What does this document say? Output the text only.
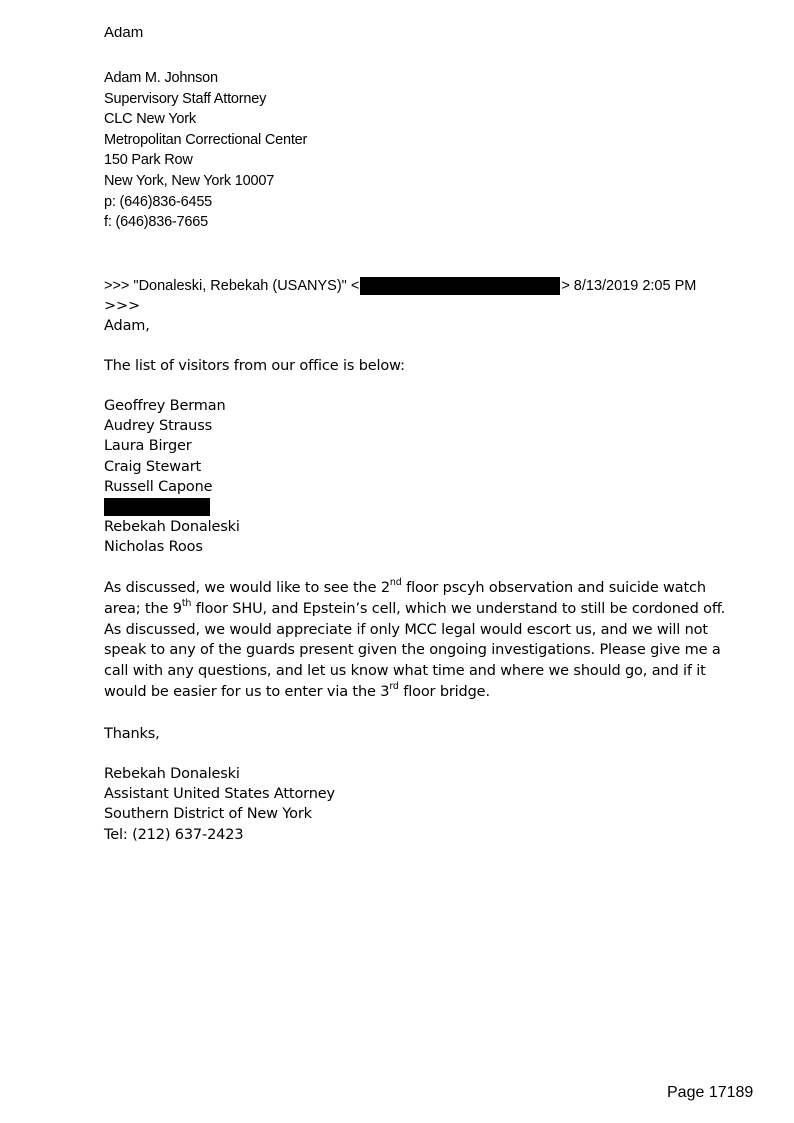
Adam
Adam M. Johnson
Supervisory Staff Attorney
CLC New York
Metropolitan Correctional Center
150 Park Row
New York, New York 10007
p: (646)836-6455
f: (646)836-7665
>>> "Donaleski, Rebekah (USANYS)" <	> 8/13/2019 2:05 PM
>>>
Adam,
The list of visitors from our office is below:
Geoffrey Berman
Audrey Strauss
Laura Birger
Craig Stewart
Russell Capone
Rebekah Donaleski
Nicholas Roos
As discussed, we would like to see the 2nd floor pscyh observation and suicide watch
area; the 9th floor SHU, and Epstein’s cell, which we understand to still be cordoned off.
As discussed, we would appreciate if only MCC legal would escort us, and we will not
speak to any of the guards present given the ongoing investigations. Please give me a
call with any questions, and let us know what time and where we should go, and if it
would be easier for us to enter via the 3rd floor bridge.
Thanks,
Rebekah Donaleski
Assistant United States Attorney
Southern District of New York
Tel: (212) 637-2423
Page 17189
